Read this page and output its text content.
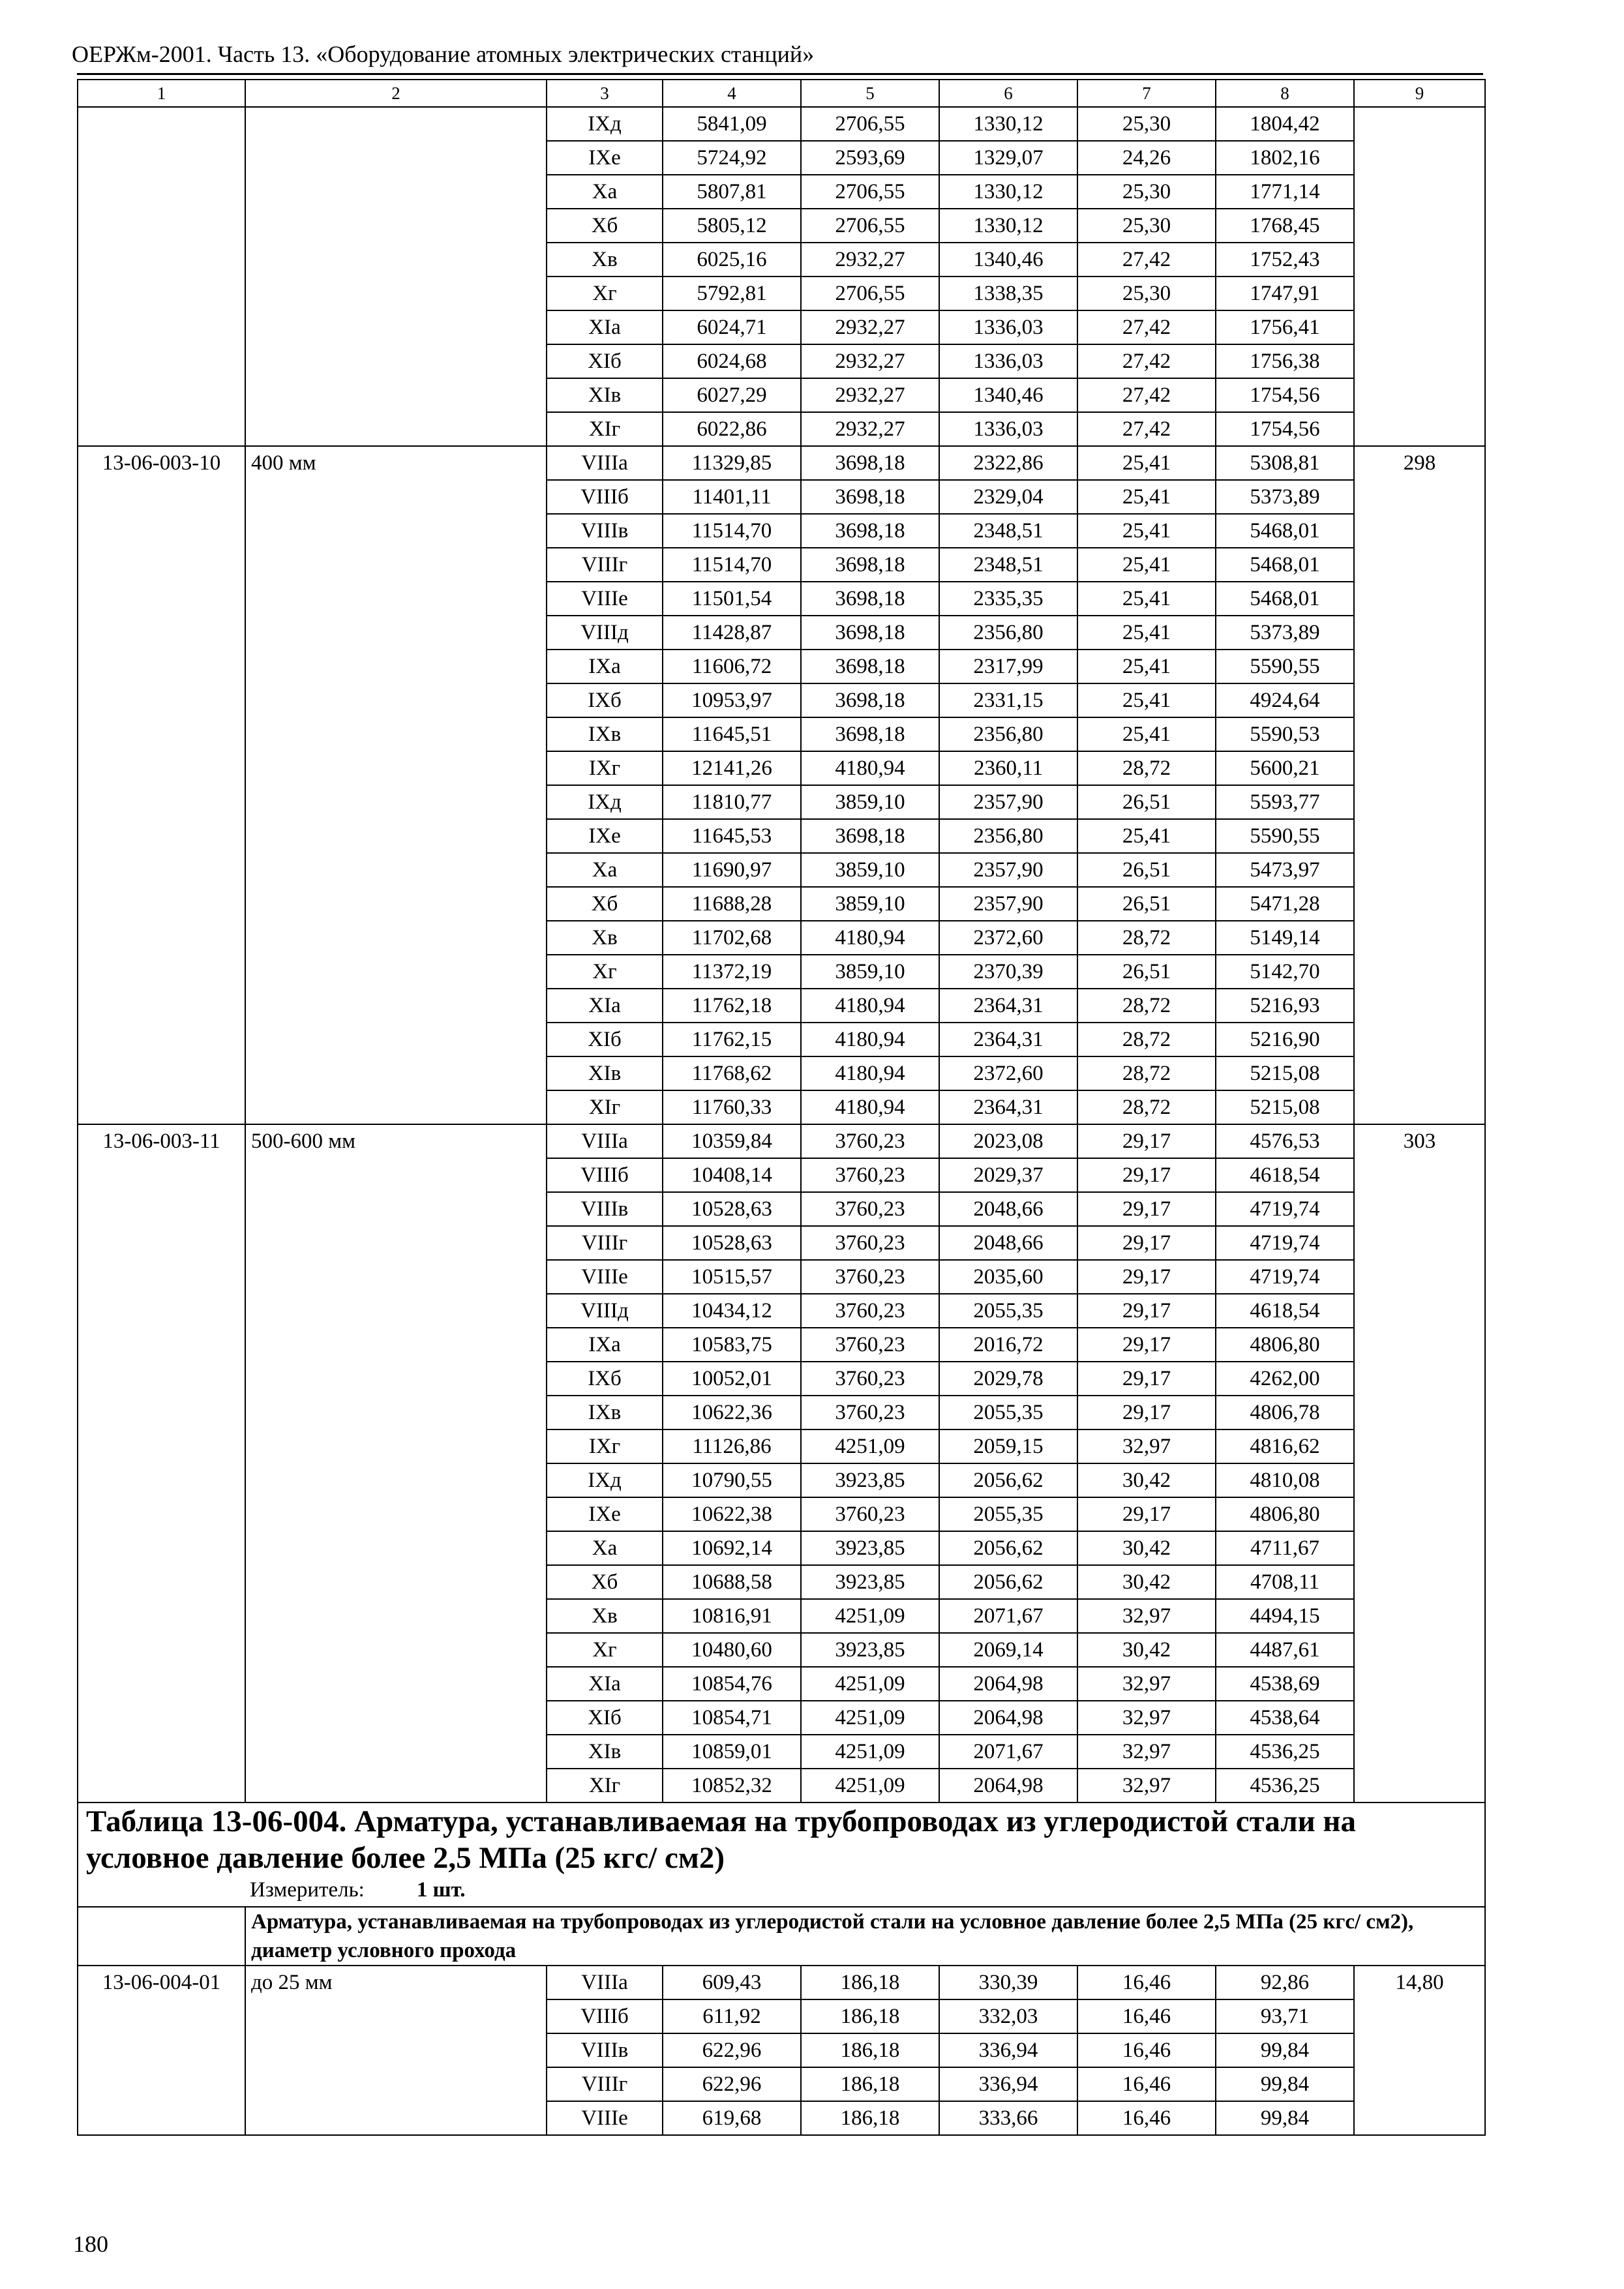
ОЕРЖм-2001. Часть 13. «Оборудование атомных электрических станций»
1	2	3	4	5	6	7	8	9
		IXд	5841,09	2706,55	1330,12	25,30	1804,42	
		IXе	5724,92	2593,69	1329,07	24,26	1802,16	
		Xa	5807,81	2706,55	1330,12	25,30	1771,14	
		Xб	5805,12	2706,55	1330,12	25,30	1768,45	
		Xв	6025,16	2932,27	1340,46	27,42	1752,43	
		Xг	5792,81	2706,55	1338,35	25,30	1747,91	
		XIa	6024,71	2932,27	1336,03	27,42	1756,41	
		XIб	6024,68	2932,27	1336,03	27,42	1756,38	
		XIв	6027,29	2932,27	1340,46	27,42	1754,56	
		XIг	6022,86	2932,27	1336,03	27,42	1754,56	
13-06-003-10	400 мм	VIIIa	11329,85	3698,18	2322,86	25,41	5308,81	298
		VIIIб	11401,11	3698,18	2329,04	25,41	5373,89	
		VIIIв	11514,70	3698,18	2348,51	25,41	5468,01	
		VIIIг	11514,70	3698,18	2348,51	25,41	5468,01	
		VIIIе	11501,54	3698,18	2335,35	25,41	5468,01	
		VIIIд	11428,87	3698,18	2356,80	25,41	5373,89	
		IXa	11606,72	3698,18	2317,99	25,41	5590,55	
		IXб	10953,97	3698,18	2331,15	25,41	4924,64	
		IXв	11645,51	3698,18	2356,80	25,41	5590,53	
		IXг	12141,26	4180,94	2360,11	28,72	5600,21	
		IXд	11810,77	3859,10	2357,90	26,51	5593,77	
		IXе	11645,53	3698,18	2356,80	25,41	5590,55	
		Xa	11690,97	3859,10	2357,90	26,51	5473,97	
		Xб	11688,28	3859,10	2357,90	26,51	5471,28	
		Xв	11702,68	4180,94	2372,60	28,72	5149,14	
		Xг	11372,19	3859,10	2370,39	26,51	5142,70	
		XIa	11762,18	4180,94	2364,31	28,72	5216,93	
		XIб	11762,15	4180,94	2364,31	28,72	5216,90	
		XIв	11768,62	4180,94	2372,60	28,72	5215,08	
		XIг	11760,33	4180,94	2364,31	28,72	5215,08	
13-06-003-11	500-600 мм	VIIIa	10359,84	3760,23	2023,08	29,17	4576,53	303
		VIIIб	10408,14	3760,23	2029,37	29,17	4618,54	
		VIIIв	10528,63	3760,23	2048,66	29,17	4719,74	
		VIIIг	10528,63	3760,23	2048,66	29,17	4719,74	
		VIIIе	10515,57	3760,23	2035,60	29,17	4719,74	
		VIIIд	10434,12	3760,23	2055,35	29,17	4618,54	
		IXa	10583,75	3760,23	2016,72	29,17	4806,80	
		IXб	10052,01	3760,23	2029,78	29,17	4262,00	
		IXв	10622,36	3760,23	2055,35	29,17	4806,78	
		IXг	11126,86	4251,09	2059,15	32,97	4816,62	
		IXд	10790,55	3923,85	2056,62	30,42	4810,08	
		IXе	10622,38	3760,23	2055,35	29,17	4806,80	
		Xa	10692,14	3923,85	2056,62	30,42	4711,67	
		Xб	10688,58	3923,85	2056,62	30,42	4708,11	
		Xв	10816,91	4251,09	2071,67	32,97	4494,15	
		Xг	10480,60	3923,85	2069,14	30,42	4487,61	
		XIa	10854,76	4251,09	2064,98	32,97	4538,69	
		XIб	10854,71	4251,09	2064,98	32,97	4538,64	
		XIв	10859,01	4251,09	2071,67	32,97	4536,25	
		XIг	10852,32	4251,09	2064,98	32,97	4536,25	

Таблица 13-06-004. Арматура, устанавливаемая на трубопроводах из углеродистой стали на условное давление более 2,5 МПа (25 кгс/ см2)
Измеритель: 1 шт.								

	Арматура, устанавливаемая на трубопроводах из углеродистой стали на условное давление более 2,5 МПа (25 кгс/ см2), диаметр условного прохода							
13-06-004-01	до 25 мм	VIIIa	609,43	186,18	330,39	16,46	92,86	14,80
		VIIIб	611,92	186,18	332,03	16,46	93,71	
		VIIIв	622,96	186,18	336,94	16,46	99,84	
		VIIIг	622,96	186,18	336,94	16,46	99,84	
		VIIIе	619,68	186,18	333,66	16,46	99,84	
180
